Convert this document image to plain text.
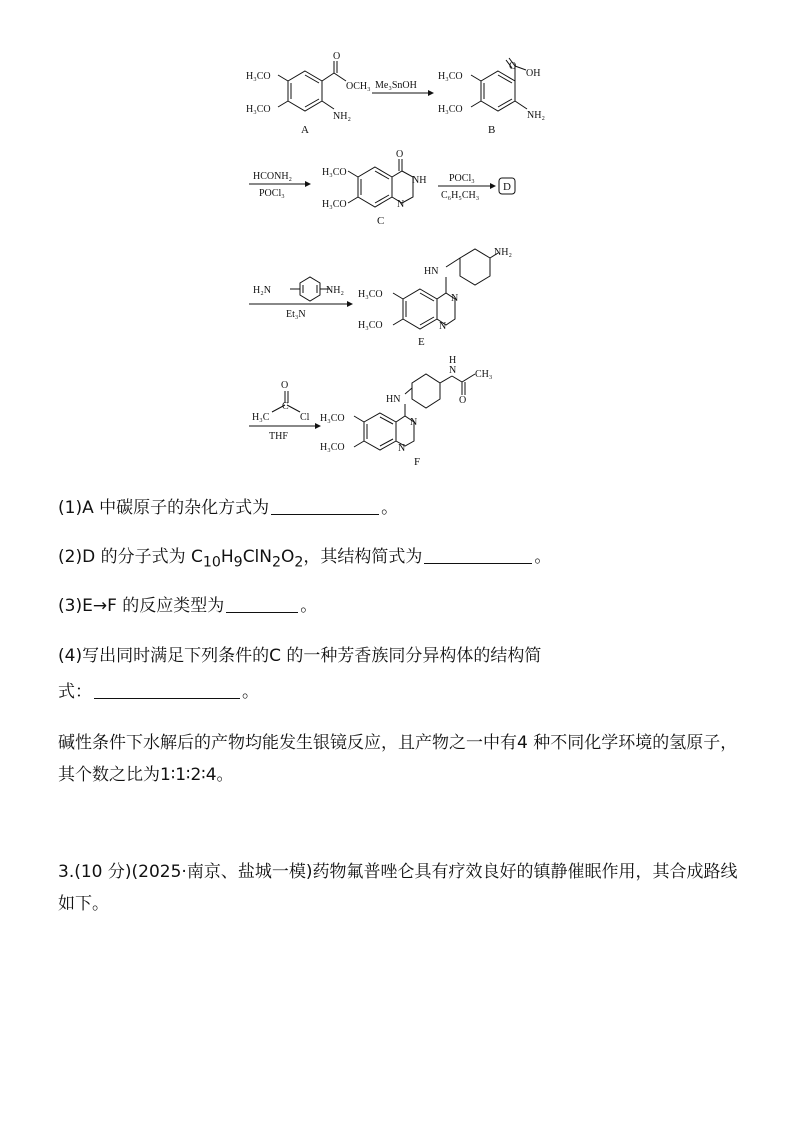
O
OCH₃
NH₂
H₃CO
H₃CO
A
Me₃SnOH
O
OH
NH₂
H₃CO
H₃CO
B
HCONH₂
POCl₃
O
NH
N
H₃CO
H₃CO
C
POCl₃
C₆H₅CH₃
D
H₂N	NH₂
Et₃N
HN
NH₂
N
N
H₃CO
H₃CO
E
O
H₃C
C
Cl
THF
HN
H
N
O
CH₃
N
N
H₃CO
H₃CO
F
(1)A 中碳原子的杂化方式为	。
(2)D 的分子式为 $C_{10}H_9ClN_2O_2$，其结构简式为	。
(3)E→F 的反应类型为	。
(4)写出同时满足下列条件的C 的一种芳香族同分异构体的结构简
式：	。
碱性条件下水解后的产物均能发生银镜反应，且产物之一中有4 种不同化学环境的氢原子，其个数之比为1∶1∶2∶4。
3.(10 分)(2025·南京、盐城一模)药物氟普唑仑具有疗效良好的镇静催眠作用，其合成路线如下。
